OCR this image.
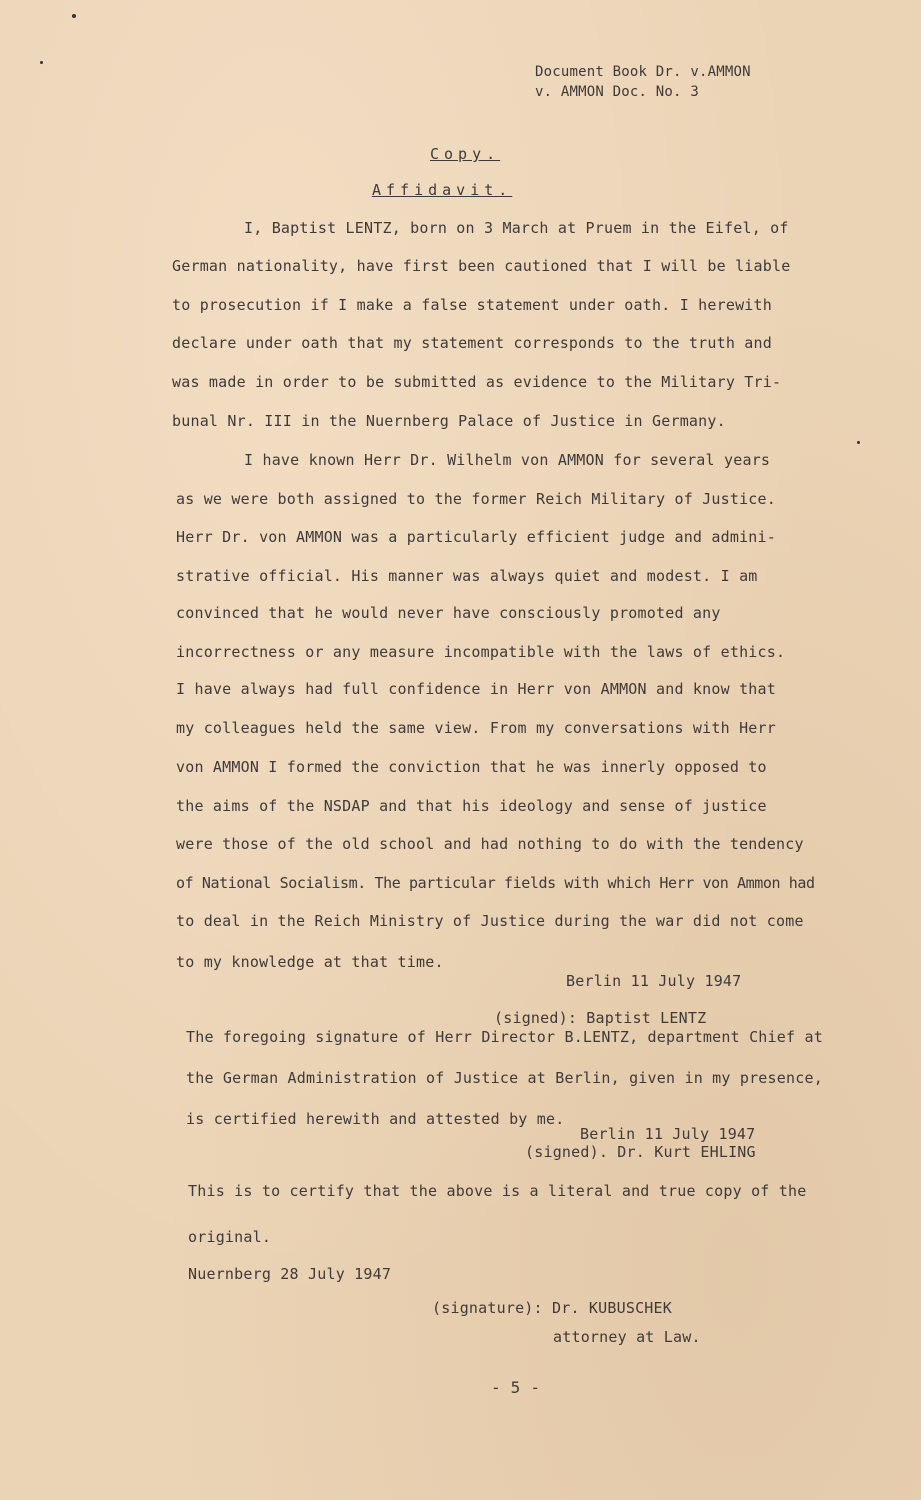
Document Book Dr. v.AMMON
v. AMMON Doc. No. 3
Copy.
Affidavit.
I, Baptist LENTZ, born on 3 March at Pruem in the Eifel, of
German nationality, have first been cautioned that I will be liable
to prosecution if I make a false statement under oath. I herewith
declare under oath that my statement corresponds to the truth and
was made in order to be submitted as evidence to the Military Tri-
bunal Nr. III in the Nuernberg Palace of Justice in Germany.
I have known Herr Dr. Wilhelm von AMMON for several years
as we were both assigned to the former Reich Military of Justice.
Herr Dr. von AMMON was a particularly efficient judge and admini-
strative official. His manner was always quiet and modest. I am
convinced that he would never have consciously promoted any
incorrectness or any measure incompatible with the laws of ethics.
I have always had full confidence in Herr von AMMON and know that
my colleagues held the same view. From my conversations with Herr
von AMMON I formed the conviction that he was innerly opposed to
the aims of the NSDAP and that his ideology and sense of justice
were those of the old school and had nothing to do with the tendency
of National Socialism. The particular fields with which Herr von Ammon had
to deal in the Reich Ministry of Justice during the war did not come
to my knowledge at that time.
Berlin 11 July 1947
(signed): Baptist LENTZ
The foregoing signature of Herr Director B.LENTZ, department Chief at
the German Administration of Justice at Berlin, given in my presence,
is certified herewith and attested by me.
Berlin 11 July 1947
(signed). Dr. Kurt EHLING
This is to certify that the above is a literal and true copy of the
original.
Nuernberg 28 July 1947
(signature): Dr. KUBUSCHEK
attorney at Law.
- 5 -
